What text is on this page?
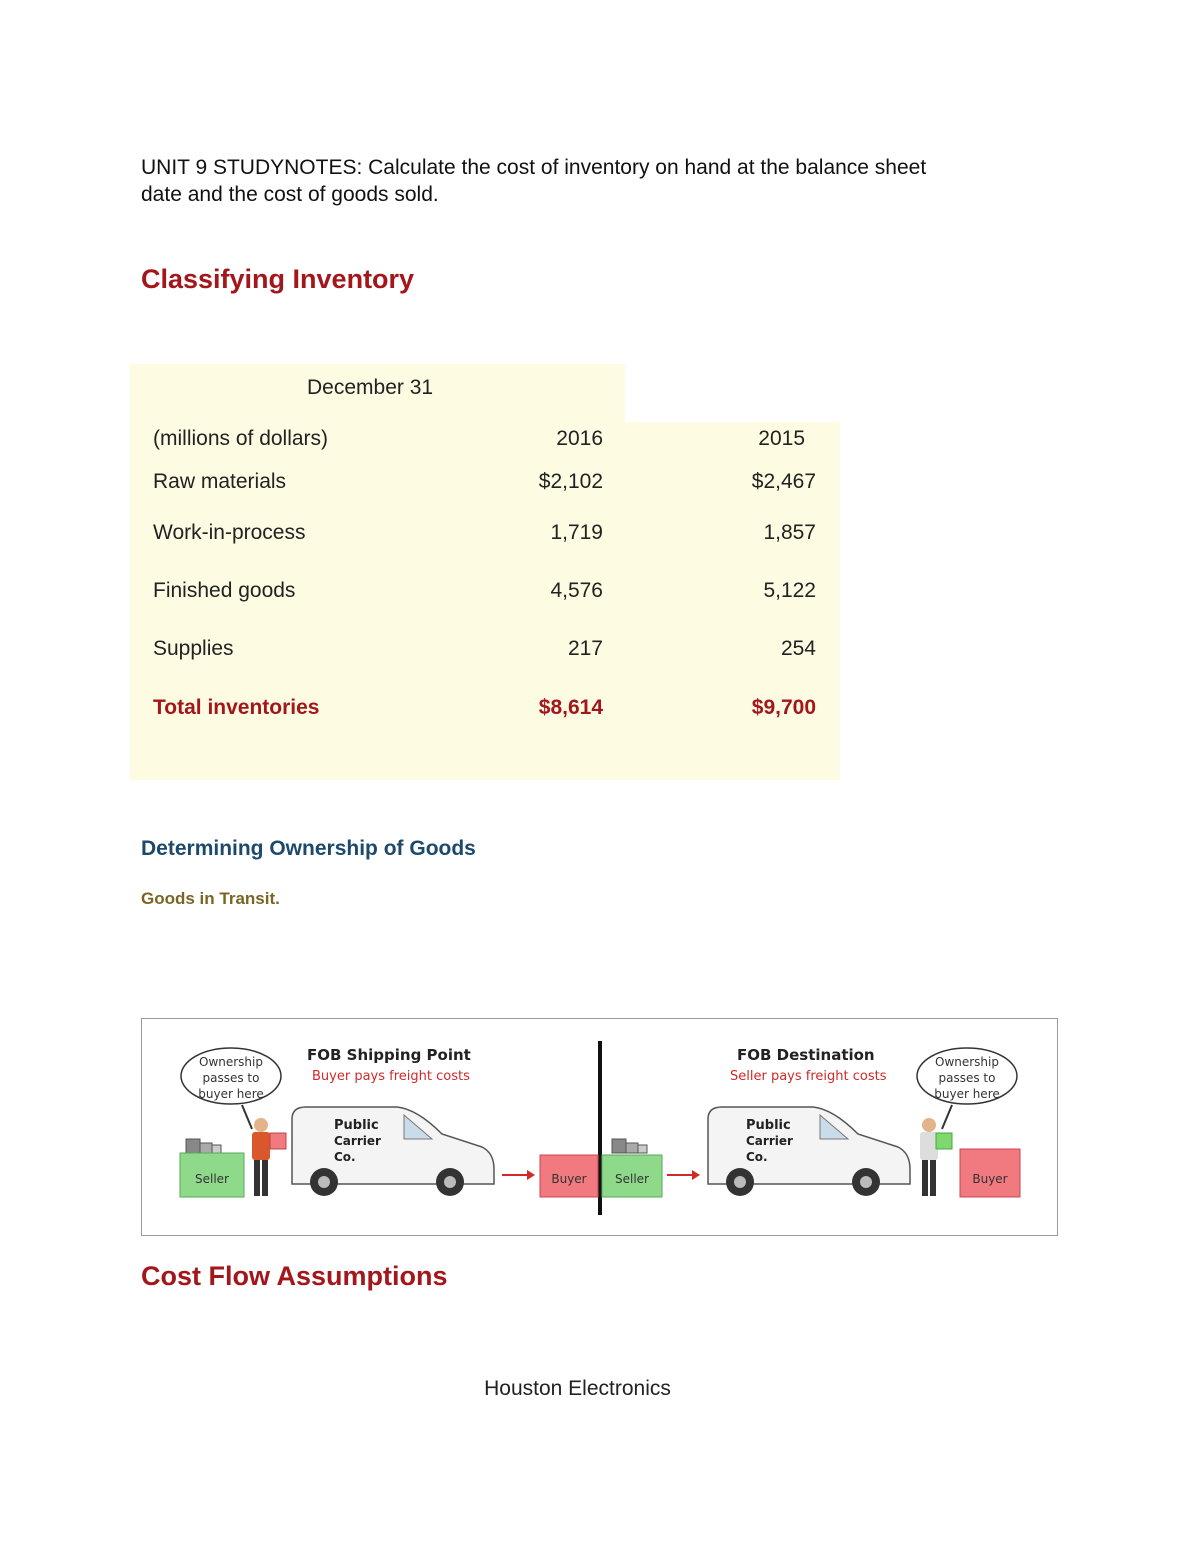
UNIT 9 STUDYNOTES: Calculate the cost of inventory on hand at the balance sheet
date and the cost of goods sold.
Classifying Inventory
December 31
(millions of dollars)	2016	2015
Raw materials	$2,102	$2,467
Work-in-process	1,719	1,857
Finished goods	4,576	5,122
Supplies	217	254
Total inventories	$8,614	$9,700
Determining Ownership of Goods
Goods in Transit.
FOB Shipping Point
Buyer pays freight costs
Ownership
passes to
buyer here
Seller
Public
Carrier
Co.
Buyer
FOB Destination
Seller pays freight costs
Ownership
passes to
buyer here
Seller
Public
Carrier
Co.
Buyer
Cost Flow Assumptions
Houston Electronics
